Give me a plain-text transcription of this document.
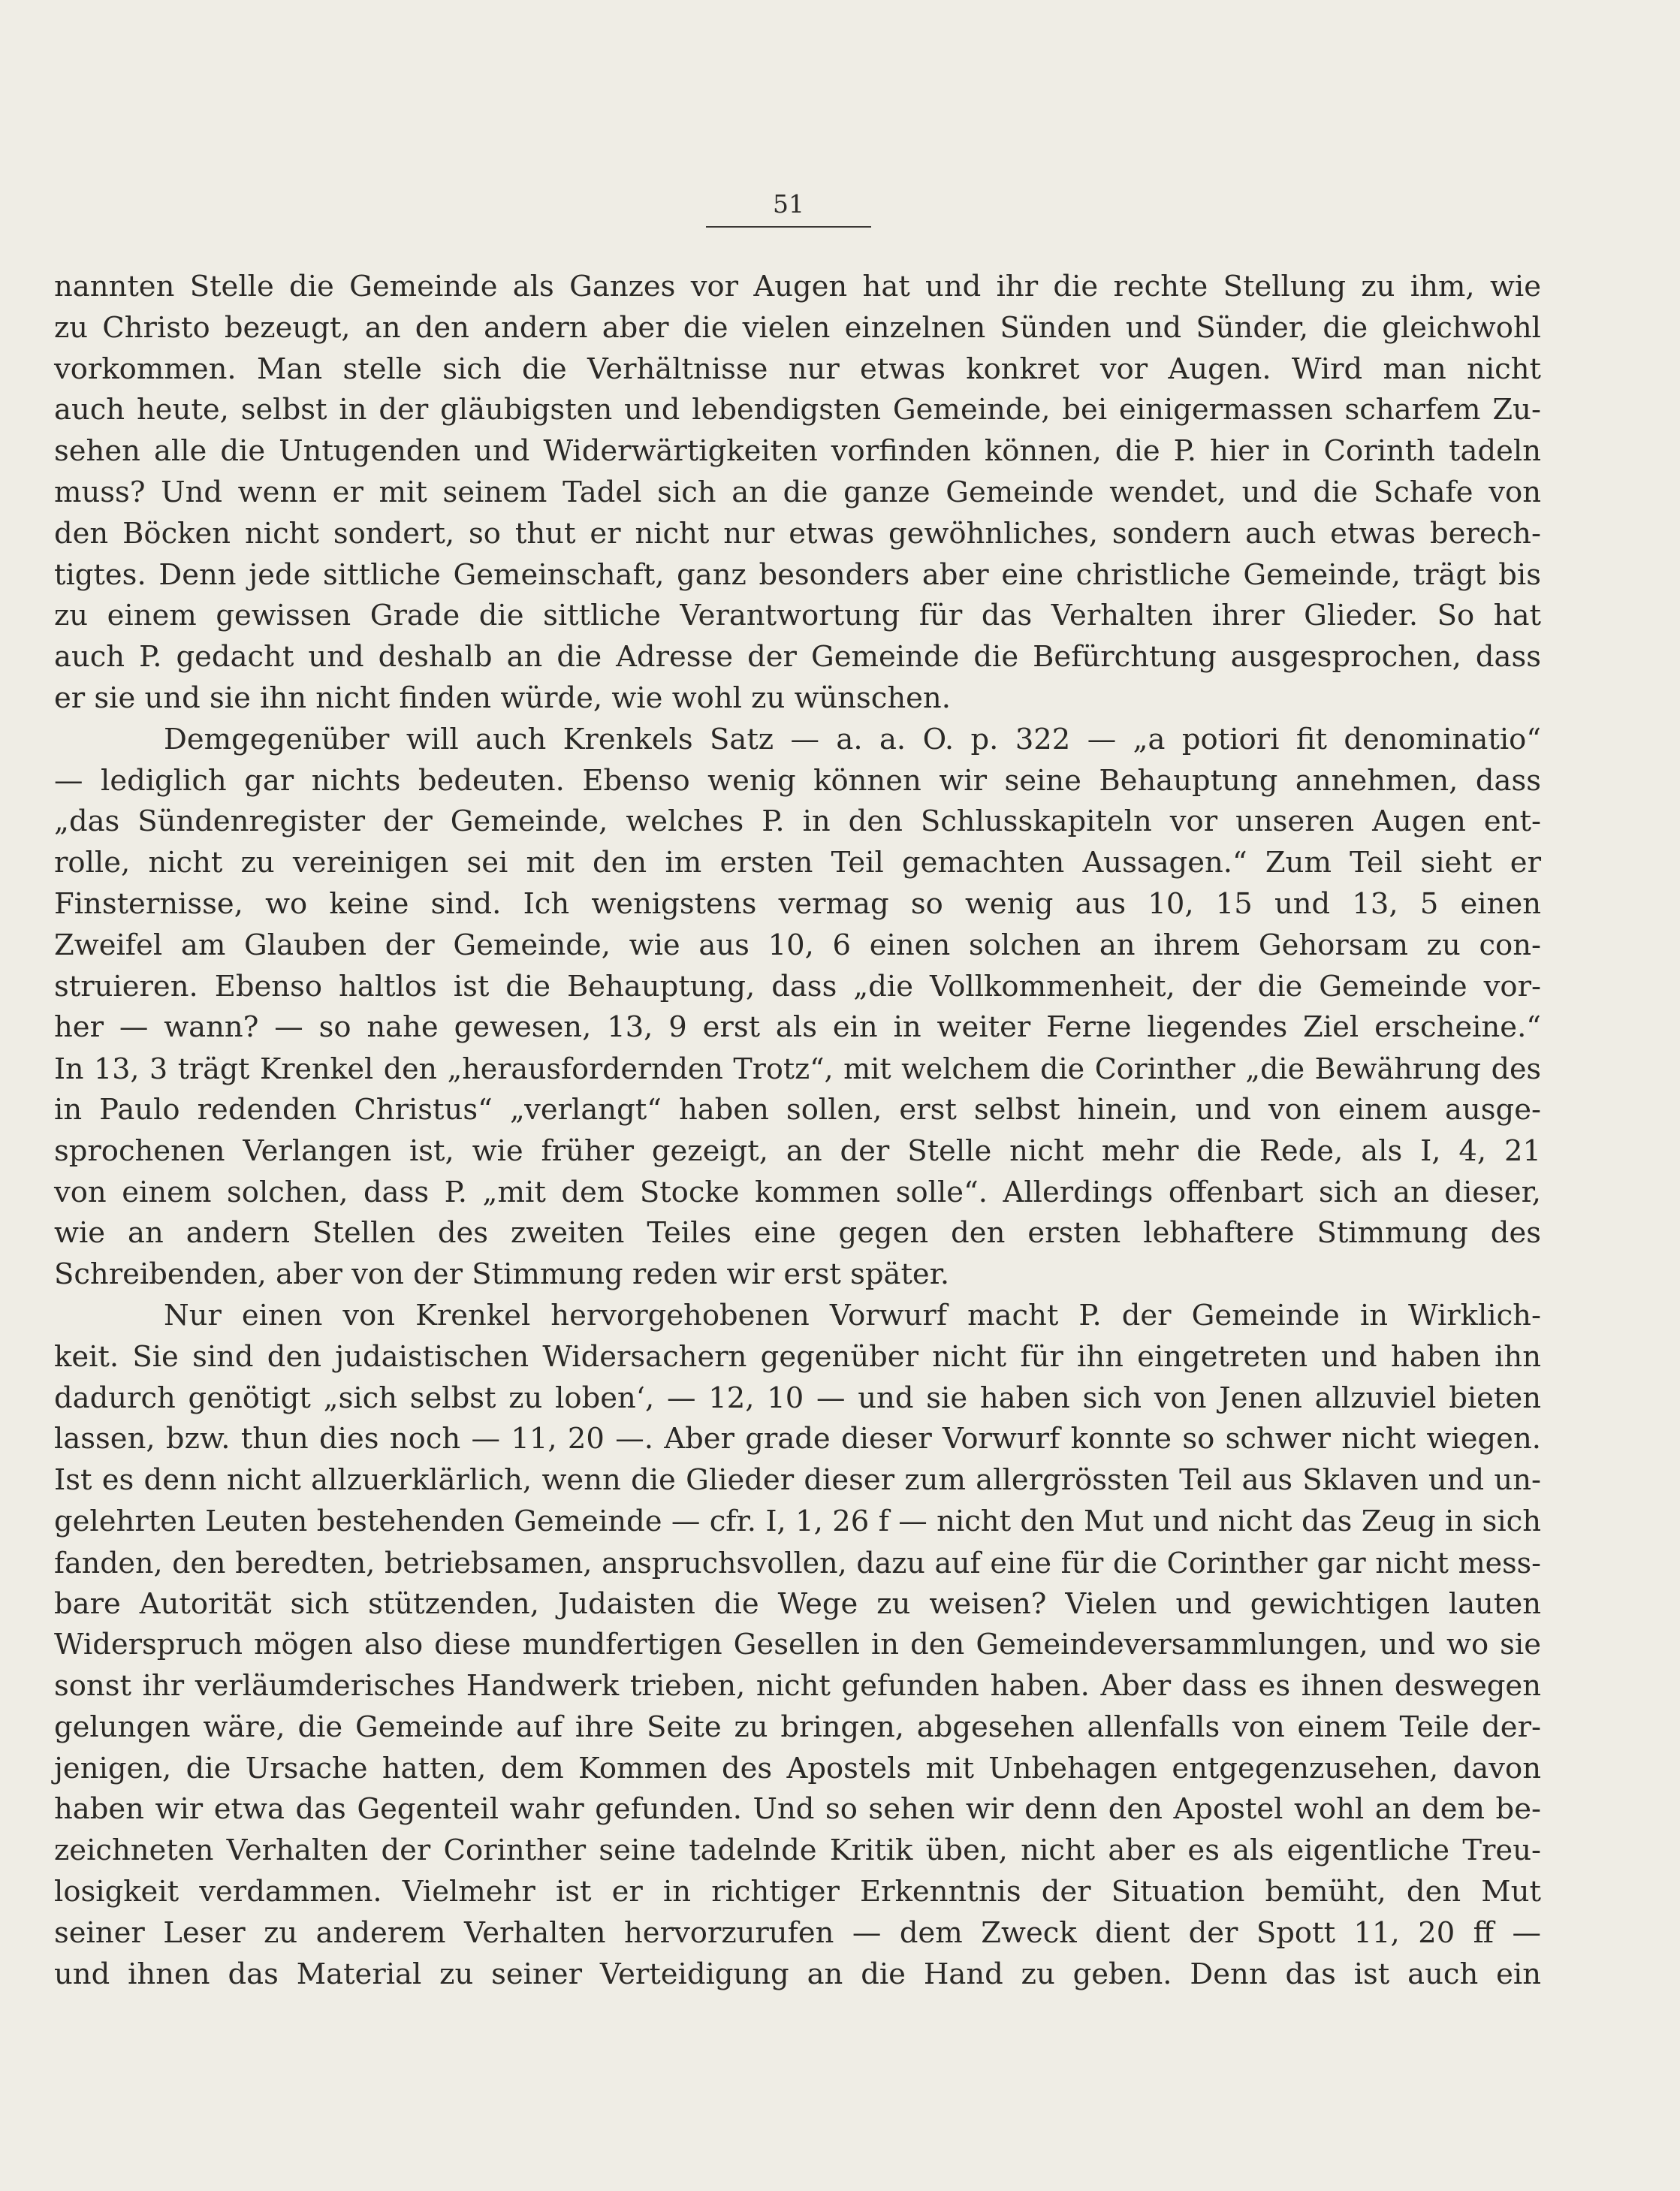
51
nannten Stelle die Gemeinde als Ganzes vor Augen hat und ihr die rechte Stellung zu ihm, wie
zu Christo bezeugt, an den andern aber die vielen einzelnen Sünden und Sünder, die gleichwohl
vorkommen. Man stelle sich die Verhältnisse nur etwas konkret vor Augen. Wird man nicht
auch heute, selbst in der gläubigsten und lebendigsten Gemeinde, bei einigermassen scharfem Zu-
sehen alle die Untugenden und Widerwärtigkeiten vorfinden können, die P. hier in Corinth tadeln
muss? Und wenn er mit seinem Tadel sich an die ganze Gemeinde wendet, und die Schafe von
den Böcken nicht sondert, so thut er nicht nur etwas gewöhnliches, sondern auch etwas berech-
tigtes. Denn jede sittliche Gemeinschaft, ganz besonders aber eine christliche Gemeinde, trägt bis
zu einem gewissen Grade die sittliche Verantwortung für das Verhalten ihrer Glieder. So hat
auch P. gedacht und deshalb an die Adresse der Gemeinde die Befürchtung ausgesprochen, dass
er sie und sie ihn nicht finden würde, wie wohl zu wünschen.
Demgegenüber will auch Krenkels Satz — a. a. O. p. 322 — „a potiori fit denominatio“
— lediglich gar nichts bedeuten. Ebenso wenig können wir seine Behauptung annehmen, dass
„das Sündenregister der Gemeinde, welches P. in den Schlusskapiteln vor unseren Augen ent-
rolle, nicht zu vereinigen sei mit den im ersten Teil gemachten Aussagen.“ Zum Teil sieht er
Finsternisse, wo keine sind. Ich wenigstens vermag so wenig aus 10, 15 und 13, 5 einen
Zweifel am Glauben der Gemeinde, wie aus 10, 6 einen solchen an ihrem Gehorsam zu con-
struieren. Ebenso haltlos ist die Behauptung, dass „die Vollkommenheit, der die Gemeinde vor-
her — wann? — so nahe gewesen, 13, 9 erst als ein in weiter Ferne liegendes Ziel erscheine.“
In 13, 3 trägt Krenkel den „herausfordernden Trotz“, mit welchem die Corinther „die Bewährung des
in Paulo redenden Christus“ „verlangt“ haben sollen, erst selbst hinein, und von einem ausge-
sprochenen Verlangen ist, wie früher gezeigt, an der Stelle nicht mehr die Rede, als I, 4, 21
von einem solchen, dass P. „mit dem Stocke kommen solle“. Allerdings offenbart sich an dieser,
wie an andern Stellen des zweiten Teiles eine gegen den ersten lebhaftere Stimmung des
Schreibenden, aber von der Stimmung reden wir erst später.
Nur einen von Krenkel hervorgehobenen Vorwurf macht P. der Gemeinde in Wirklich-
keit. Sie sind den judaistischen Widersachern gegenüber nicht für ihn eingetreten und haben ihn
dadurch genötigt „sich selbst zu loben‘, — 12, 10 — und sie haben sich von Jenen allzuviel bieten
lassen, bzw. thun dies noch — 11, 20 —. Aber grade dieser Vorwurf konnte so schwer nicht wiegen.
Ist es denn nicht allzuerklärlich, wenn die Glieder dieser zum allergrössten Teil aus Sklaven und un-
gelehrten Leuten bestehenden Gemeinde — cfr. I, 1, 26 f — nicht den Mut und nicht das Zeug in sich
fanden, den beredten, betriebsamen, anspruchsvollen, dazu auf eine für die Corinther gar nicht mess-
bare Autorität sich stützenden, Judaisten die Wege zu weisen? Vielen und gewichtigen lauten
Widerspruch mögen also diese mundfertigen Gesellen in den Gemeindeversammlungen, und wo sie
sonst ihr verläumderisches Handwerk trieben, nicht gefunden haben. Aber dass es ihnen deswegen
gelungen wäre, die Gemeinde auf ihre Seite zu bringen, abgesehen allenfalls von einem Teile der-
jenigen, die Ursache hatten, dem Kommen des Apostels mit Unbehagen entgegenzusehen, davon
haben wir etwa das Gegenteil wahr gefunden. Und so sehen wir denn den Apostel wohl an dem be-
zeichneten Verhalten der Corinther seine tadelnde Kritik üben, nicht aber es als eigentliche Treu-
losigkeit verdammen. Vielmehr ist er in richtiger Erkenntnis der Situation bemüht, den Mut
seiner Leser zu anderem Verhalten hervorzurufen — dem Zweck dient der Spott 11, 20 ff —
und ihnen das Material zu seiner Verteidigung an die Hand zu geben. Denn das ist auch ein
